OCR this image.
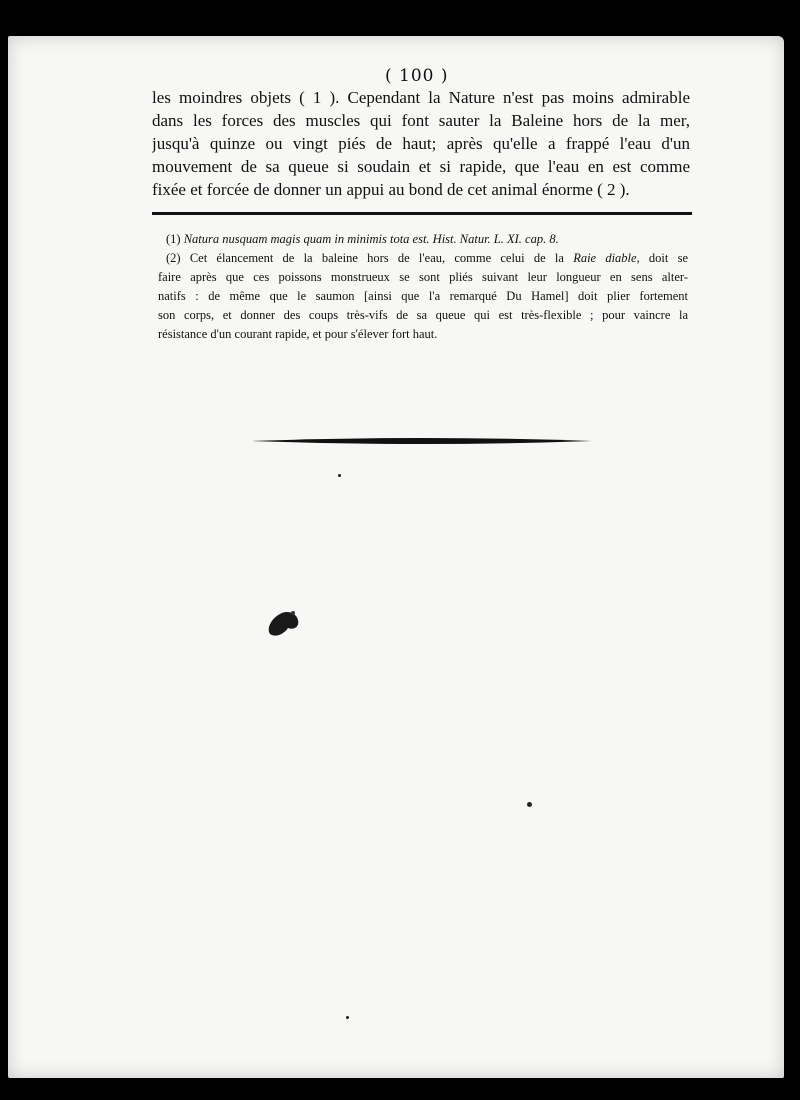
( 100 )
les moindres objets ( 1 ). Cependant la Nature n'est pas moins admirable
dans les forces des muscles qui font sauter la Baleine hors de la mer,
jusqu'à quinze ou vingt piés de haut; après qu'elle a frappé l'eau d'un
mouvement de sa queue si soudain et si rapide, que l'eau en est comme
fixée et forcée de donner un appui au bond de cet animal énorme ( 2 ).
(1) Natura nusquam magis quam in minimis tota est. Hist. Natur. L. XI. cap. 8.
(2) Cet élancement de la baleine hors de l'eau, comme celui de la Raie diable, doit se
faire après que ces poissons monstrueux se sont pliés suivant leur longueur en sens alter-
natifs : de même que le saumon [ainsi que l'a remarqué Du Hamel] doit plier fortement
son corps, et donner des coups très-vifs de sa queue qui est très-flexible ; pour vaincre la
résistance d'un courant rapide, et pour s'élever fort haut.
